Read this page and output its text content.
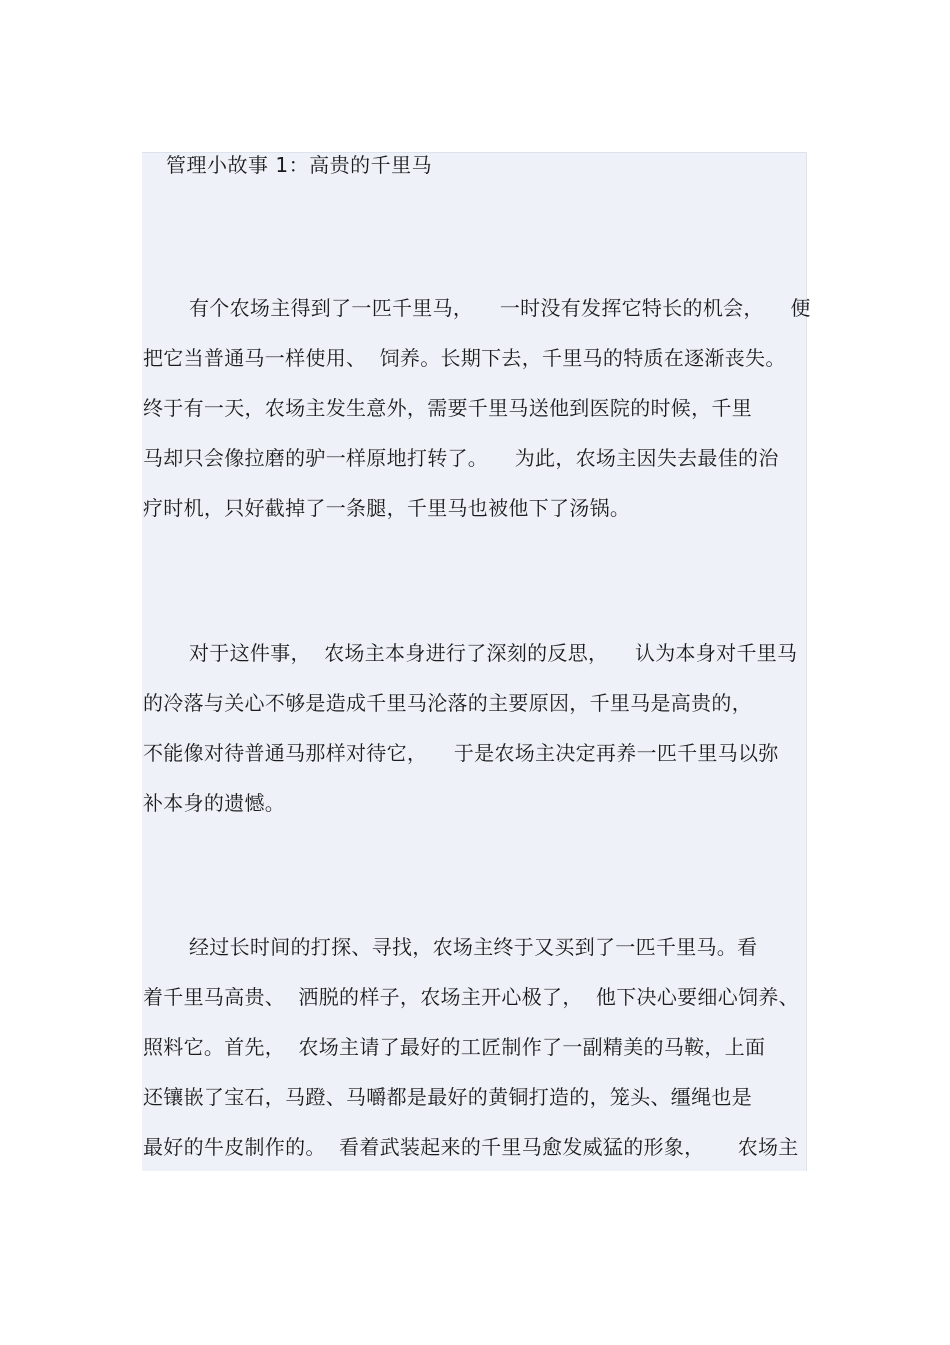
管理小故事 1：高贵的千里马
有个农场主得到了一匹千里马，    一时没有发挥它特长的机会，    便
把它当普通马一样使用、  饲养。长期下去，千里马的特质在逐渐丧失。
终于有一天，农场主发生意外，需要千里马送他到医院的时候，千里
马却只会像拉磨的驴一样原地打转了。    为此，农场主因失去最佳的治
疗时机，只好截掉了一条腿，千里马也被他下了汤锅。
对于这件事，  农场主本身进行了深刻的反思，    认为本身对千里马
的冷落与关心不够是造成千里马沦落的主要原因，千里马是高贵的，
不能像对待普通马那样对待它，    于是农场主决定再养一匹千里马以弥
补本身的遗憾。
经过长时间的打探、寻找，农场主终于又买到了一匹千里马。看
着千里马高贵、  洒脱的样子，农场主开心极了，  他下决心要细心饲养、
照料它。首先，  农场主请了最好的工匠制作了一副精美的马鞍，上面
还镶嵌了宝石，马蹬、马嚼都是最好的黄铜打造的，笼头、缰绳也是
最好的牛皮制作的。  看着武装起来的千里马愈发威猛的形象，     农场主
